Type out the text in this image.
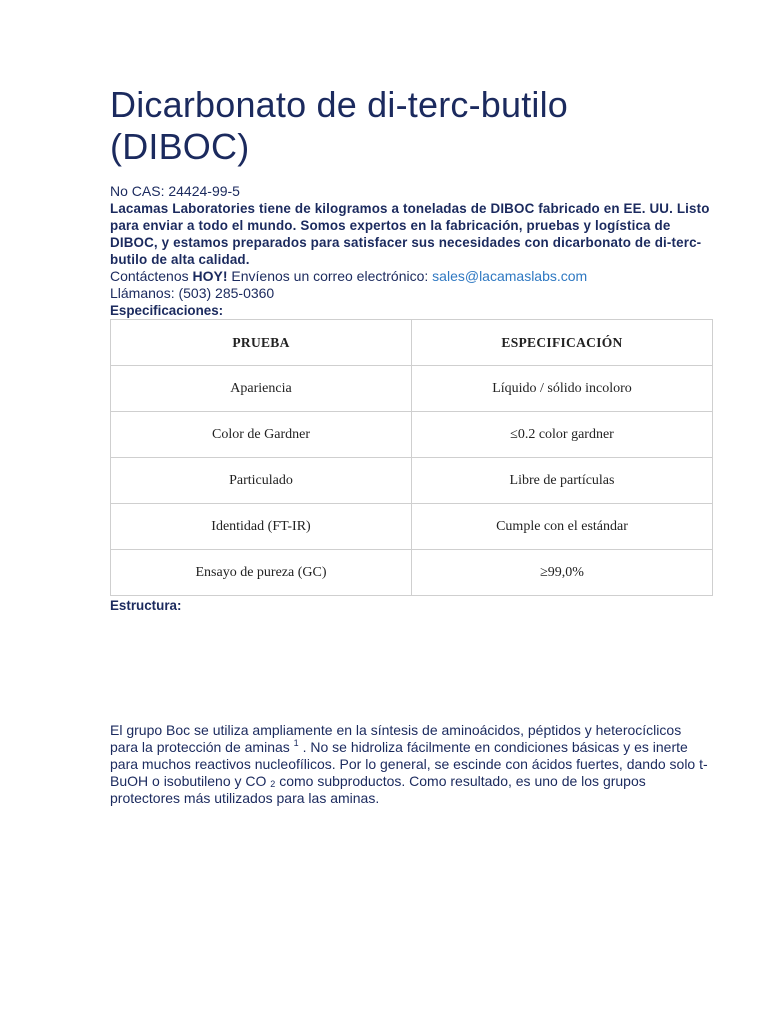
Dicarbonato de di-terc-butilo
(DIBOC)
No CAS: 24424-99-5
Lacamas Laboratories tiene de kilogramos a toneladas de DIBOC fabricado en EE. UU. Listo para enviar a todo el mundo. Somos expertos en la fabricación, pruebas y logística de DIBOC, y estamos preparados para satisfacer sus necesidades con dicarbonato de di-terc-butilo de alta calidad.
Contáctenos HOY! Envíenos un correo electrónico: sales@lacamaslabs.com
Llámanos: (503) 285-0360
Especificaciones:
PRUEBA	ESPECIFICACIÓN
Apariencia	Líquido / sólido incoloro
Color de Gardner	≤0.2 color gardner
Particulado	Libre de partículas
Identidad (FT-IR)	Cumple con el estándar
Ensayo de pureza (GC)	≥99,0%
Estructura:
El grupo Boc se utiliza ampliamente en la síntesis de aminoácidos, péptidos y heterocíclicos para la protección de aminas $^1$ . No se hidroliza fácilmente en condiciones básicas y es inerte para muchos reactivos nucleofílicos. Por lo general, se escinde con ácidos fuertes, dando solo t-BuOH o isobutileno y CO $_2$ como subproductos. Como resultado, es uno de los grupos protectores más utilizados para las aminas.
